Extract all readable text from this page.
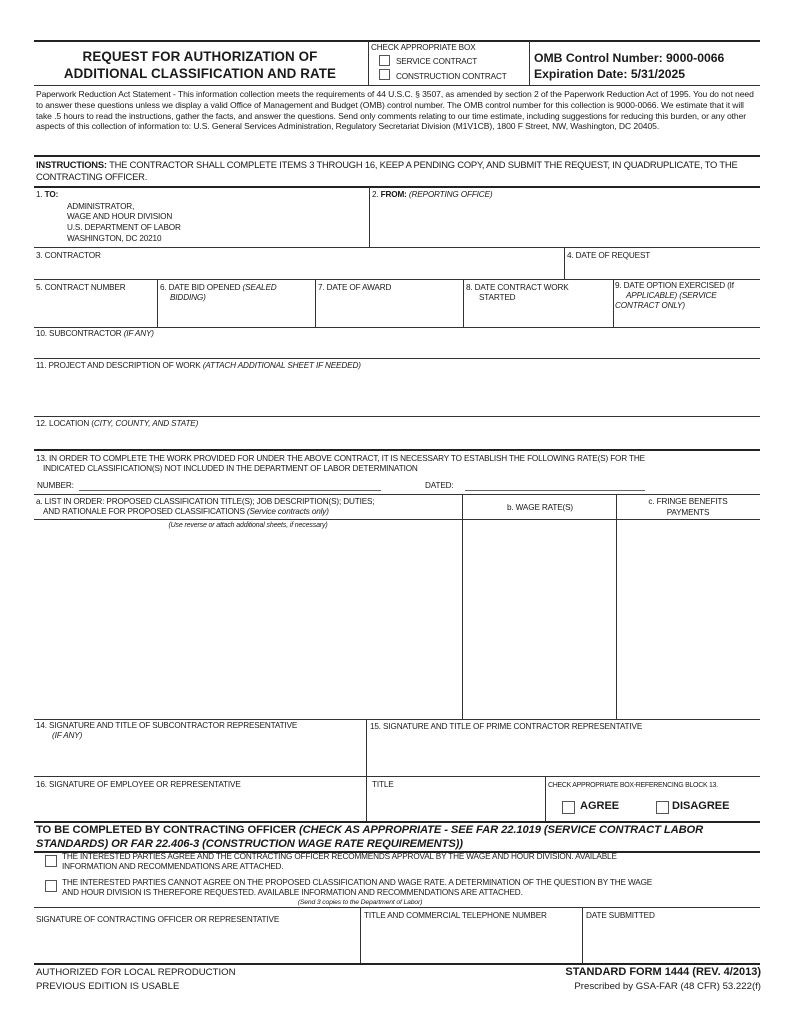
REQUEST FOR AUTHORIZATION OF
ADDITIONAL CLASSIFICATION AND RATE
CHECK APPROPRIATE BOX
SERVICE CONTRACT
CONSTRUCTION CONTRACT
OMB Control Number: 9000-0066
Expiration Date: 5/31/2025
Paperwork Reduction Act Statement - This information collection meets the requirements of 44 U.S.C. § 3507, as amended by section 2 of the Paperwork Reduction Act of 1995. You do not need to answer these questions unless we display a valid Office of Management and Budget (OMB) control number. The OMB control number for this collection is 9000-0066. We estimate that it will take .5 hours to read the instructions, gather the facts, and answer the questions. Send only comments relating to our time estimate, including suggestions for reducing this burden, or any other aspects of this collection of information to: U.S. General Services Administration, Regulatory Secretariat Division (M1V1CB), 1800 F Street, NW, Washington, DC 20405.
INSTRUCTIONS: THE CONTRACTOR SHALL COMPLETE ITEMS 3 THROUGH 16, KEEP A PENDING COPY, AND SUBMIT THE REQUEST, IN QUADRUPLICATE, TO THE CONTRACTING OFFICER.
1. TO:
ADMINISTRATOR,
WAGE AND HOUR DIVISION
U.S. DEPARTMENT OF LABOR
WASHINGTON, DC 20210
2. FROM: (REPORTING OFFICE)
3. CONTRACTOR	4. DATE OF REQUEST
5. CONTRACT NUMBER	6. DATE BID OPENED (SEALED
BIDDING)
7. DATE OF AWARD	8. DATE CONTRACT WORK
STARTED
9. DATE OPTION EXERCISED (If
APPLICABLE) (SERVICE
CONTRACT ONLY)
10. SUBCONTRACTOR (IF ANY)
11. PROJECT AND DESCRIPTION OF WORK (ATTACH ADDITIONAL SHEET IF NEEDED)
12. LOCATION (CITY, COUNTY, AND STATE)
13. IN ORDER TO COMPLETE THE WORK PROVIDED FOR UNDER THE ABOVE CONTRACT, IT IS NECESSARY TO ESTABLISH THE FOLLOWING RATE(S) FOR THE
INDICATED CLASSIFICATION(S) NOT INCLUDED IN THE DEPARTMENT OF LABOR DETERMINATION
NUMBER:	DATED:
a. LIST IN ORDER: PROPOSED CLASSIFICATION TITLE(S); JOB DESCRIPTION(S); DUTIES;
AND RATIONALE FOR PROPOSED CLASSIFICATIONS (Service contracts only)	b. WAGE RATE(S)
c. FRINGE BENEFITS
PAYMENTS
(Use reverse or attach additional sheets, if necessary)
14. SIGNATURE AND TITLE OF SUBCONTRACTOR REPRESENTATIVE
(IF ANY)
15. SIGNATURE AND TITLE OF PRIME CONTRACTOR REPRESENTATIVE
16. SIGNATURE OF EMPLOYEE OR REPRESENTATIVE	TITLE	CHECK APPROPRIATE BOX-REFERENCING BLOCK 13.
AGREE	DISAGREE
TO BE COMPLETED BY CONTRACTING OFFICER (CHECK AS APPROPRIATE - SEE FAR 22.1019 (SERVICE CONTRACT LABOR
STANDARDS) OR FAR 22.406-3 (CONSTRUCTION WAGE RATE REQUIREMENTS))
THE INTERESTED PARTIES AGREE AND THE CONTRACTING OFFICER RECOMMENDS APPROVAL BY THE WAGE AND HOUR DIVISION. AVAILABLE
INFORMATION AND RECOMMENDATIONS ARE ATTACHED.
THE INTERESTED PARTIES CANNOT AGREE ON THE PROPOSED CLASSIFICATION AND WAGE RATE. A DETERMINATION OF THE QUESTION BY THE WAGE
AND HOUR DIVISION IS THEREFORE REQUESTED. AVAILABLE INFORMATION AND RECOMMENDATIONS ARE ATTACHED.
(Send 3 copies to the Department of Labor)
SIGNATURE OF CONTRACTING OFFICER OR REPRESENTATIVE	TITLE AND COMMERCIAL TELEPHONE NUMBER	DATE SUBMITTED
AUTHORIZED FOR LOCAL REPRODUCTION
PREVIOUS EDITION IS USABLE
STANDARD FORM 1444 (REV. 4/2013)
Prescribed by GSA-FAR (48 CFR) 53.222(f)
